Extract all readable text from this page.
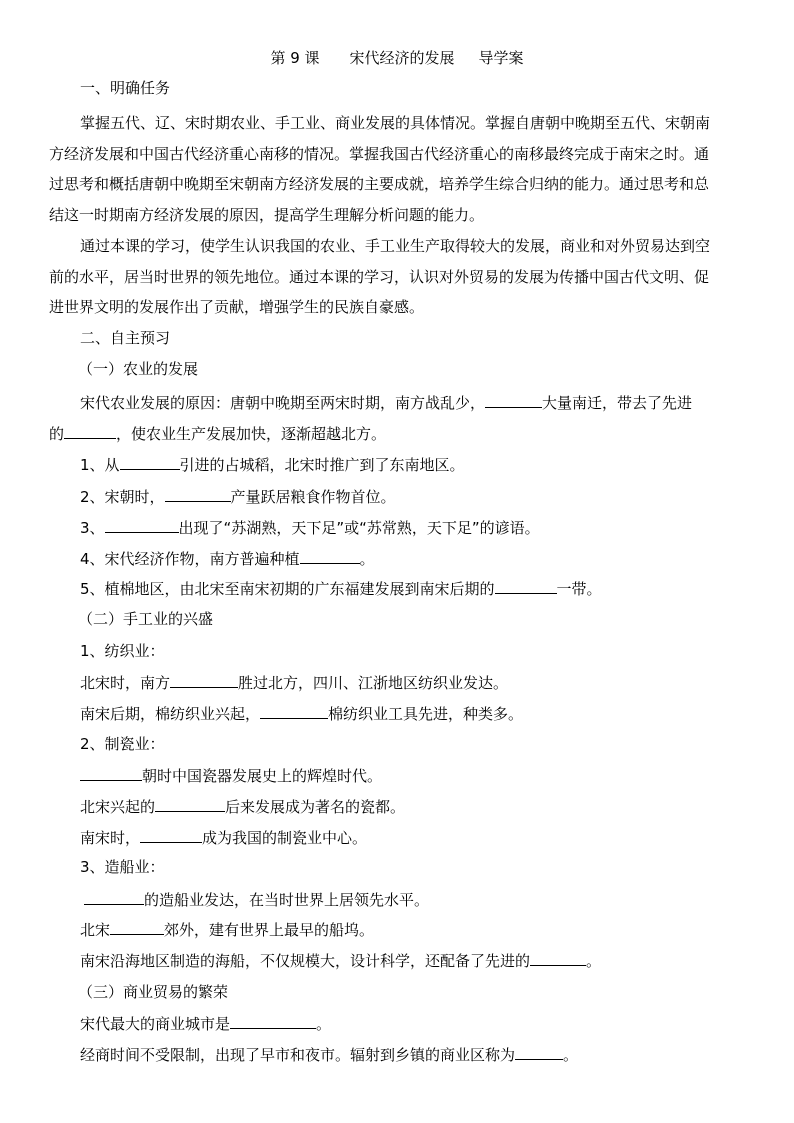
第 9 课 宋代经济的发展 导学案
一、明确任务
掌握五代、辽、宋时期农业、手工业、商业发展的具体情况。掌握自唐朝中晚期至五代、宋朝南
方经济发展和中国古代经济重心南移的情况。掌握我国古代经济重心的南移最终完成于南宋之时。通
过思考和概括唐朝中晚期至宋朝南方经济发展的主要成就，培养学生综合归纳的能力。通过思考和总
结这一时期南方经济发展的原因，提高学生理解分析问题的能力。
通过本课的学习，使学生认识我国的农业、手工业生产取得较大的发展，商业和对外贸易达到空
前的水平，居当时世界的领先地位。通过本课的学习，认识对外贸易的发展为传播中国古代文明、促
进世界文明的发展作出了贡献，增强学生的民族自豪感。
二、自主预习
（一）农业的发展
宋代农业发展的原因：唐朝中晚期至两宋时期，南方战乱少，	大量南迁，带去了先进
的	，使农业生产发展加快，逐渐超越北方。
1、从	引进的占城稻，北宋时推广到了东南地区。
2、宋朝时，	产量跃居粮食作物首位。
3、	出现了“苏湖熟，天下足”或“苏常熟，天下足”的谚语。
4、宋代经济作物，南方普遍种植	。
5、植棉地区，由北宋至南宋初期的广东福建发展到南宋后期的	一带。
（二）手工业的兴盛
1、纺织业：
北宋时，南方	胜过北方，四川、江浙地区纺织业发达。
南宋后期，棉纺织业兴起，	棉纺织业工具先进，种类多。
2、制瓷业：
朝时中国瓷器发展史上的辉煌时代。
北宋兴起的	后来发展成为著名的瓷都。
南宋时，	成为我国的制瓷业中心。
3、造船业：
的造船业发达，在当时世界上居领先水平。
北宋	郊外，建有世界上最早的船坞。
南宋沿海地区制造的海船，不仅规模大，设计科学，还配备了先进的	。
（三）商业贸易的繁荣
宋代最大的商业城市是	。
经商时间不受限制，出现了早市和夜市。辐射到乡镇的商业区称为	。
